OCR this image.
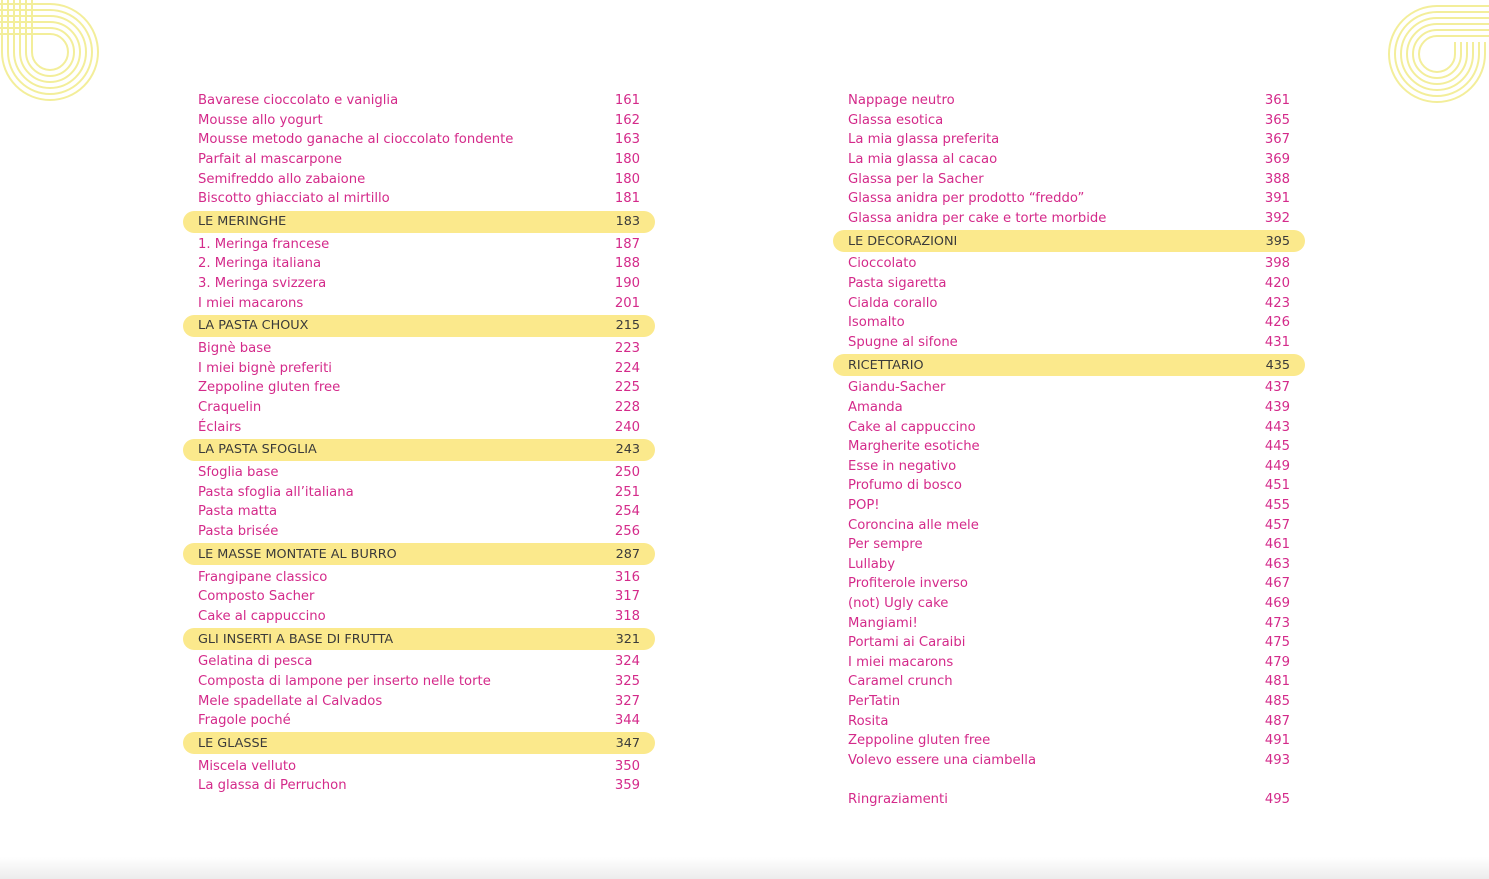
Bavarese cioccolato e vaniglia	161
Mousse allo yogurt	162
Mousse metodo ganache al cioccolato fondente	163
Parfait al mascarpone	180
Semifreddo allo zabaione	180
Biscotto ghiacciato al mirtillo	181
LE MERINGHE	183
1. Meringa francese	187
2. Meringa italiana	188
3. Meringa svizzera	190
I miei macarons	201
LA PASTA CHOUX	215
Bignè base	223
I miei bignè preferiti	224
Zeppoline gluten free	225
Craquelin	228
Éclairs	240
LA PASTA SFOGLIA	243
Sfoglia base	250
Pasta sfoglia all’italiana	251
Pasta matta	254
Pasta brisée	256
LE MASSE MONTATE AL BURRO	287
Frangipane classico	316
Composto Sacher	317
Cake al cappuccino	318
GLI INSERTI A BASE DI FRUTTA	321
Gelatina di pesca	324
Composta di lampone per inserto nelle torte	325
Mele spadellate al Calvados	327
Fragole poché	344
LE GLASSE	347
Miscela velluto	350
La glassa di Perruchon	359
Nappage neutro	361
Glassa esotica	365
La mia glassa preferita	367
La mia glassa al cacao	369
Glassa per la Sacher	388
Glassa anidra per prodotto “freddo”	391
Glassa anidra per cake e torte morbide	392
LE DECORAZIONI	395
Cioccolato	398
Pasta sigaretta	420
Cialda corallo	423
Isomalto	426
Spugne al sifone	431
RICETTARIO	435
Giandu-Sacher	437
Amanda	439
Cake al cappuccino	443
Margherite esotiche	445
Esse in negativo	449
Profumo di bosco	451
POP!	455
Coroncina alle mele	457
Per sempre	461
Lullaby	463
Profiterole inverso	467
(not) Ugly cake	469
Mangiami!	473
Portami ai Caraibi	475
I miei macarons	479
Caramel crunch	481
PerTatin	485
Rosita	487
Zeppoline gluten free	491
Volevo essere una ciambella	493
Ringraziamenti	495
